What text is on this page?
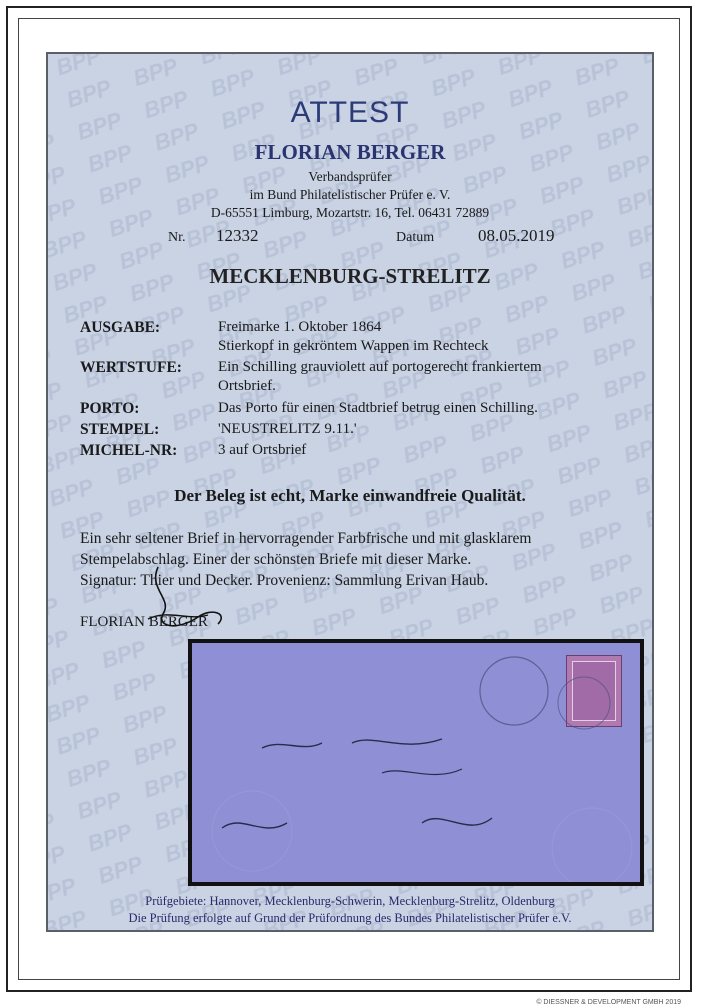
ATTEST
FLORIAN BERGER
Verbandsprüfer
im Bund Philatelistischer Prüfer e. V.
D-65551 Limburg, Mozartstr. 16, Tel. 06431 72889
Nr. 12332	Datum	08.05.2019
MECKLENBURG-STRELITZ
AUSGABE:	Freimarke 1. Oktober 1864
Stierkopf in gekröntem Wappen im Rechteck
WERTSTUFE: Ein Schilling grauviolett auf portogerecht frankiertem
Ortsbrief.
PORTO:	Das Porto für einen Stadtbrief betrug einen Schilling.
STEMPEL:	'NEUSTRELITZ 9.11.'
MICHEL-NR:	3 auf Ortsbrief
Der Beleg ist echt, Marke einwandfreie Qualität.
Ein sehr seltener Brief in hervorragender Farbfrische und mit glasklarem
Stempelabschlag. Einer der schönsten Briefe mit dieser Marke.
Signatur: Thier und Decker. Provenienz: Sammlung Erivan Haub.
FLORIAN BERGER
Prüfgebiete: Hannover, Mecklenburg-Schwerin, Mecklenburg-Strelitz, Oldenburg
Die Prüfung erfolgte auf Grund der Prüfordnung des Bundes Philatelistischer Prüfer e.V.
© DIESSNER & DEVELOPMENT GMBH 2019
